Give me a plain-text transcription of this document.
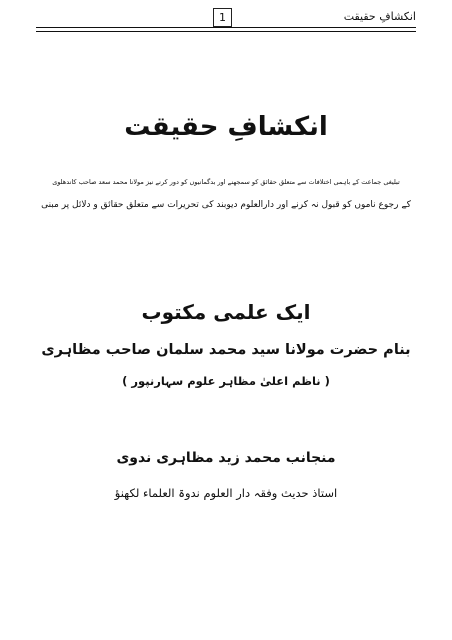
انکشافِ حقیقت
1
انکشافِ حقیقت
تبلیغی جماعت کے باہمی اختلافات سے متعلق حقائق کو سمجھنے اور بدگمانیوں کو دور کرنے نیز مولانا محمد سعد صاحب کاندھلوی
کے رجوع ناموں کو قبول نہ کرنے اور دارالعلوم دیوبند کی تحریرات سے متعلق حقائق و دلائل پر مبنی
ایک علمی مکتوب
بنام حضرت مولانا سید محمد سلمان صاحب مظاہری
( ناظم اعلیٰ مظاہر علوم سہارنپور )
منجانب محمد زید مظاہری ندوی
استاذ حدیث وفقہ دار العلوم ندوۃ العلماء لکھنؤ
